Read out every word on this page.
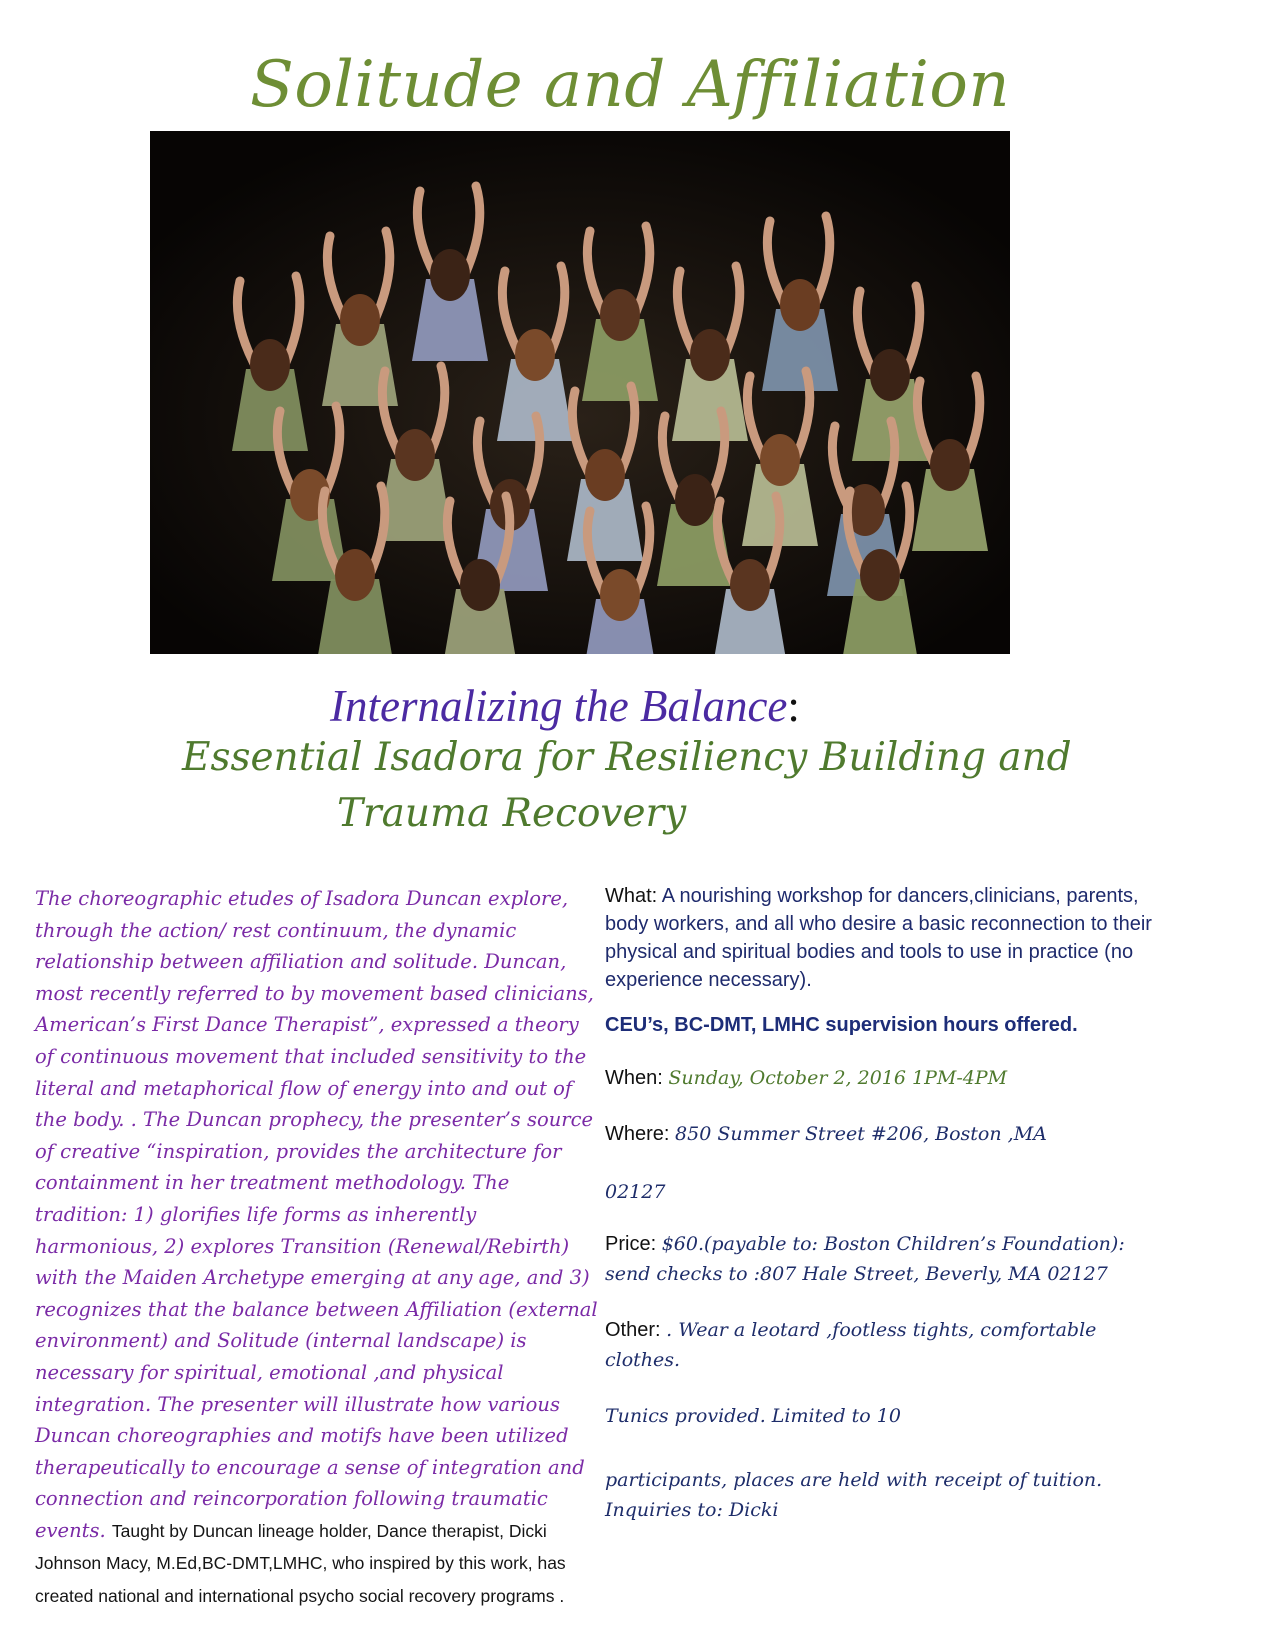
Solitude and Affiliation
Internalizing the Balance:
Essential Isadora for Resiliency Building and
Trauma Recovery
The choreographic etudes of Isadora Duncan explore, through the action/ rest continuum, the dynamic relationship between affiliation and solitude. Duncan, most recently referred to by movement based clinicians, American’s First Dance Therapist”, expressed a theory of continuous movement that included sensitivity to the literal and metaphorical flow of energy into and out of the body. . The Duncan prophecy, the presenter’s source of creative “inspiration, provides the architecture for containment in her treatment methodology. The tradition: 1) glorifies life forms as inherently harmonious, 2) explores Transition (Renewal/Rebirth) with the Maiden Archetype emerging at any age, and 3) recognizes that the balance between Affiliation (external environment) and Solitude (internal landscape) is necessary for spiritual, emotional ,and physical integration. The presenter will illustrate how various Duncan choreographies and motifs have been utilized therapeutically to encourage a sense of integration and connection and reincorporation following traumatic events. Taught by Duncan lineage holder, Dance therapist, Dicki Johnson Macy, M.Ed,BC-DMT,LMHC, who inspired by this work, has created national and international psycho social recovery programs .
What: A nourishing workshop for dancers,clinicians, parents, body workers, and all who desire a basic reconnection to their physical and spiritual bodies and tools to use in practice (no experience necessary).
CEU’s, BC-DMT, LMHC supervision hours offered.
When: Sunday, October 2, 2016 1PM-4PM
Where: 850 Summer Street #206, Boston ,MA
02127
Price: $60.(payable to: Boston Children’s Foundation): send checks to :807 Hale Street, Beverly, MA 02127
Other: . Wear a leotard ,footless tights, comfortable clothes.
Tunics provided. Limited to 10
participants, places are held with receipt of tuition. Inquiries to: Dicki
